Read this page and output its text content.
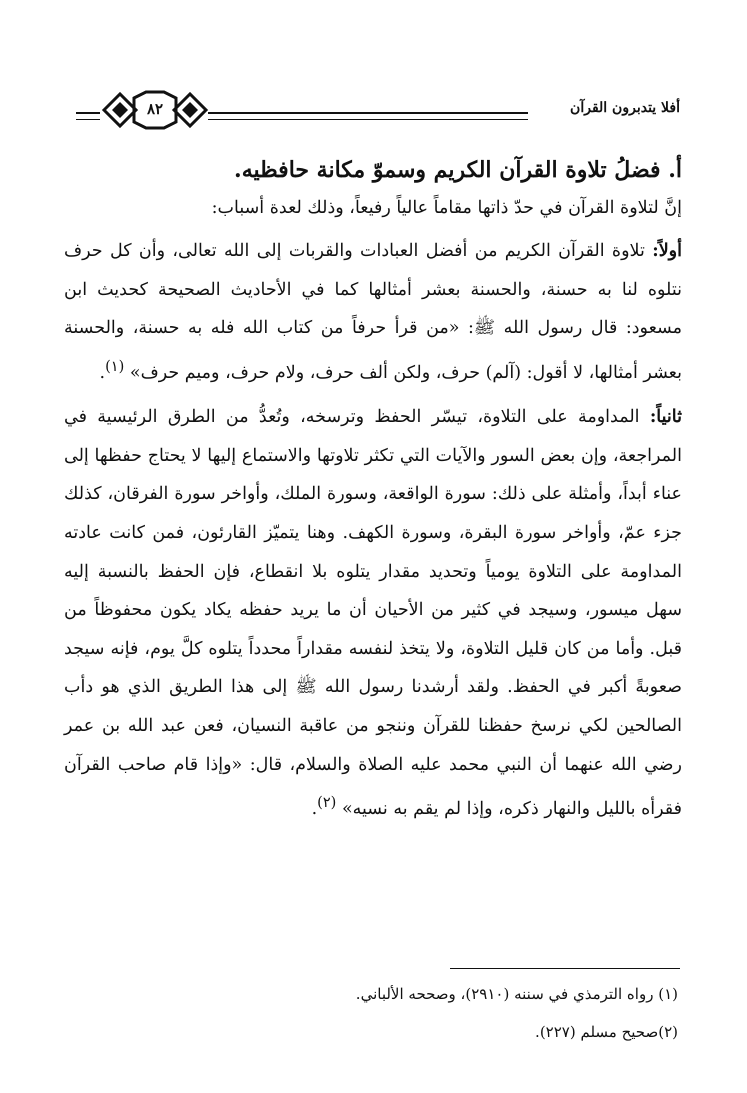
٨٢	أفلا يتدبرون القرآن
أ. فضلُ تلاوة القرآن الكريم وسموّ مكانة حافظيه.

إنَّ لتلاوة القرآن في حدّ ذاتها مقاماً عالياً رفيعاً، وذلك لعدة أسباب:

أولاً: تلاوة القرآن الكريم من أفضل العبادات والقربات إلى الله تعالى، وأن كل حرف نتلوه لنا به حسنة، والحسنة بعشر أمثالها كما في الأحاديث الصحيحة كحديث ابن مسعود: قال رسول الله ﷺ: «من قرأ حرفاً من كتاب الله فله به حسنة، والحسنة بعشر أمثالها، لا أقول: (آلم) حرف، ولكن ألف حرف، ولام حرف، وميم حرف» $^{(١)}$.

ثانياً: المداومة على التلاوة، تيسّر الحفظ وترسخه، وتُعدُّ من الطرق الرئيسية في المراجعة، وإن بعض السور والآيات التي تكثر تلاوتها والاستماع إليها لا يحتاج حفظها إلى عناء أبداً، وأمثلة على ذلك: سورة الواقعة، وسورة الملك، وأواخر سورة الفرقان، كذلك جزء عمّ، وأواخر سورة البقرة، وسورة الكهف. وهنا يتميّز القارئون، فمن كانت عادته المداومة على التلاوة يومياً وتحديد مقدار يتلوه بلا انقطاع، فإن الحفظ بالنسبة إليه سهل ميسور، وسيجد في كثير من الأحيان أن ما يريد حفظه يكاد يكون محفوظاً من قبل. وأما من كان قليل التلاوة، ولا يتخذ لنفسه مقداراً محدداً يتلوه كلَّ يوم، فإنه سيجد صعوبةً أكبر في الحفظ. ولقد أرشدنا رسول الله ﷺ إلى هذا الطريق الذي هو دأب الصالحين لكي نرسخ حفظنا للقرآن وننجو من عاقبة النسيان، فعن عبد الله بن عمر رضي الله عنهما أن النبي محمد عليه الصلاة والسلام، قال: «وإذا قام صاحب القرآن فقرأه بالليل والنهار ذكره، وإذا لم يقم به نسيه» $^{(٢)}$.

(١) رواه الترمذي في سننه (٢٩١٠)، وصححه الألباني.
(٢)صحيح مسلم (٢٢٧).
